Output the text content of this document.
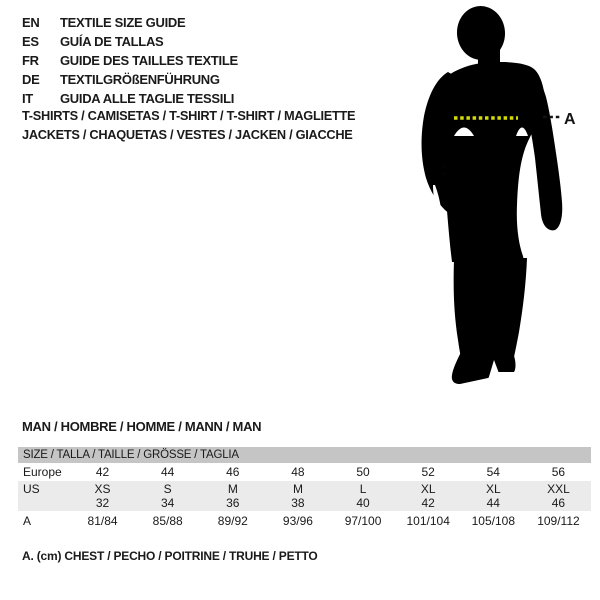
EN	TEXTILE SIZE GUIDE
ES	GUÍA DE TALLAS
FR	GUIDE DES TAILLES TEXTILE
DE	TEXTILGRÖßENFÜHRUNG
IT	GUIDA ALLE TAGLIE TESSILI
T-SHIRTS / CAMISETAS / T-SHIRT / T-SHIRT / MAGLIETTE
JACKETS / CHAQUETAS / VESTES / JACKEN / GIACCHE
A
MAN / HOMBRE / HOMME / MANN / MAN
SIZE / TALLA / TAILLE / GRÖSSE / TAGLIA
Europe	42	44	46	48	50	52	54	56
US	XS	S	M	M	L	XL	XL	XXL
32	34	36	38	40	42	44	46
A	81/84	85/88	89/92	93/96	97/100	101/104	105/108	109/112
A. (cm) CHEST / PECHO / POITRINE / TRUHE / PETTO
